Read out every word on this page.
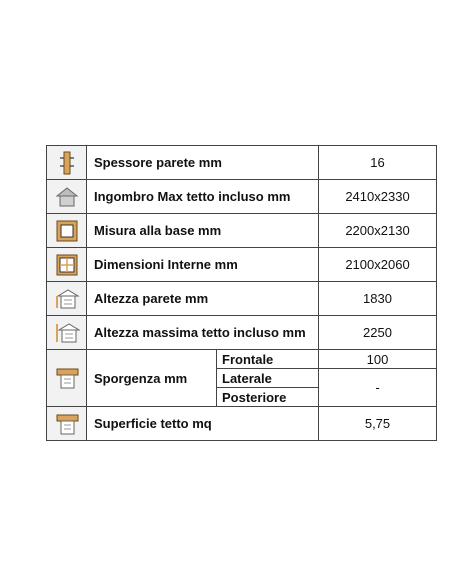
	Spessore parete mm		16

	Ingombro Max tetto incluso mm		2410x2330

	Misura alla base mm		2200x2130

	Dimensioni Interne mm		2100x2060

	Altezza parete mm		1830

	Altezza massima tetto incluso mm		2250

	Sporgenza mm	Frontale	100
		Laterale	-
		Posteriore	

	Superficie tetto mq		5,75
